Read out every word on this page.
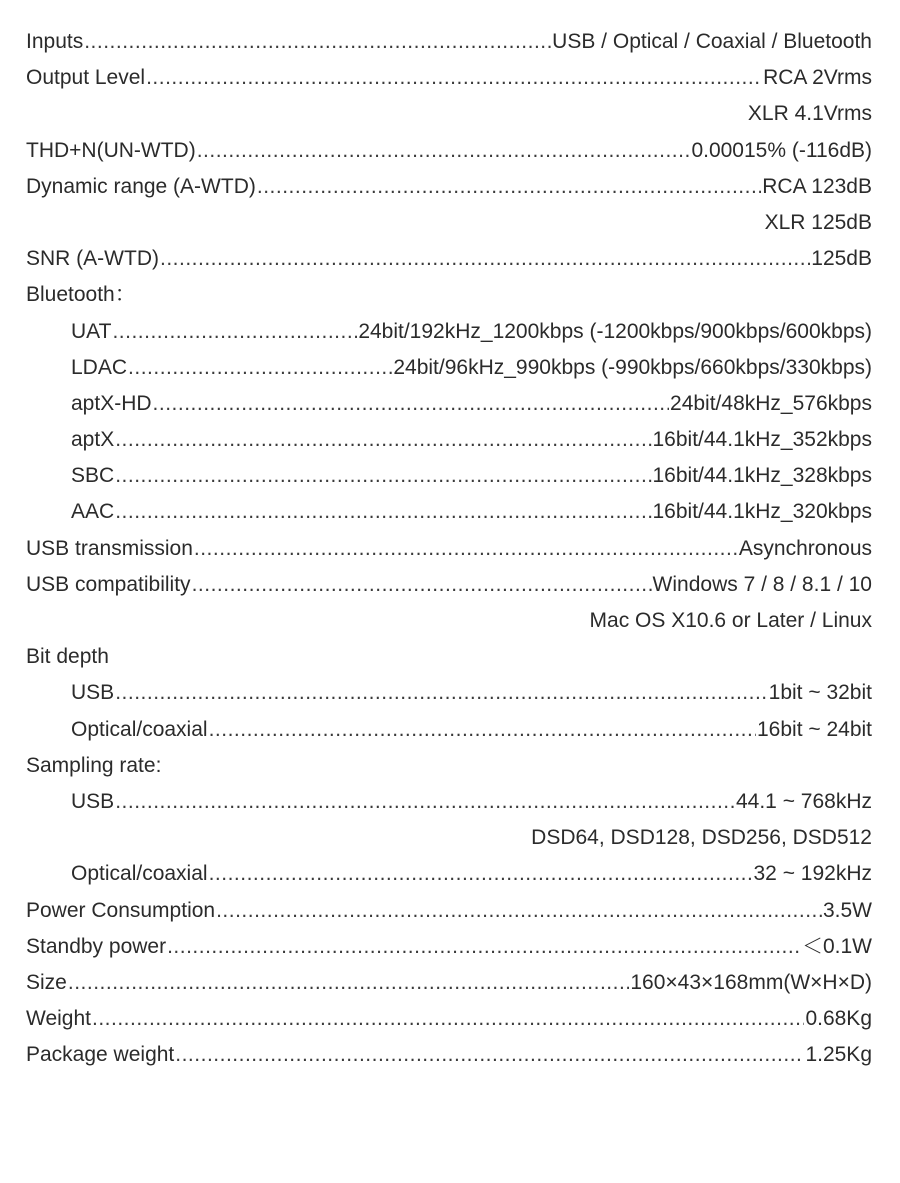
Inputs .....	USB / Optical / Coaxial / Bluetooth
Output Level .....	RCA 2Vrms
XLR 4.1Vrms
THD+N(UN-WTD) .....	0.00015% (-116dB)
Dynamic range (A-WTD) .....	RCA 123dB
XLR 125dB
SNR (A-WTD) .....	125dB
Bluetooth：
UAT .....	24bit/192kHz_1200kbps (-1200kbps/900kbps/600kbps)
LDAC .....	24bit/96kHz_990kbps (-990kbps/660kbps/330kbps)
aptX-HD .....	24bit/48kHz_576kbps
aptX .....	16bit/44.1kHz_352kbps
SBC .....	16bit/44.1kHz_328kbps
AAC .....	16bit/44.1kHz_320kbps
USB transmission .....	Asynchronous
USB compatibility .....	Windows 7 / 8 / 8.1 / 10
Mac OS X10.6 or Later / Linux
Bit depth
USB .....	1bit ~ 32bit
Optical/coaxial .....	16bit ~ 24bit
Sampling rate:
USB .....	44.1 ~ 768kHz
DSD64, DSD128, DSD256, DSD512
Optical/coaxial .....	32 ~ 192kHz
Power Consumption .....	3.5W
Standby power .....	＜0.1W
Size .....	160×43×168mm(W×H×D)
Weight .....	0.68Kg
Package weight .....	1.25Kg
